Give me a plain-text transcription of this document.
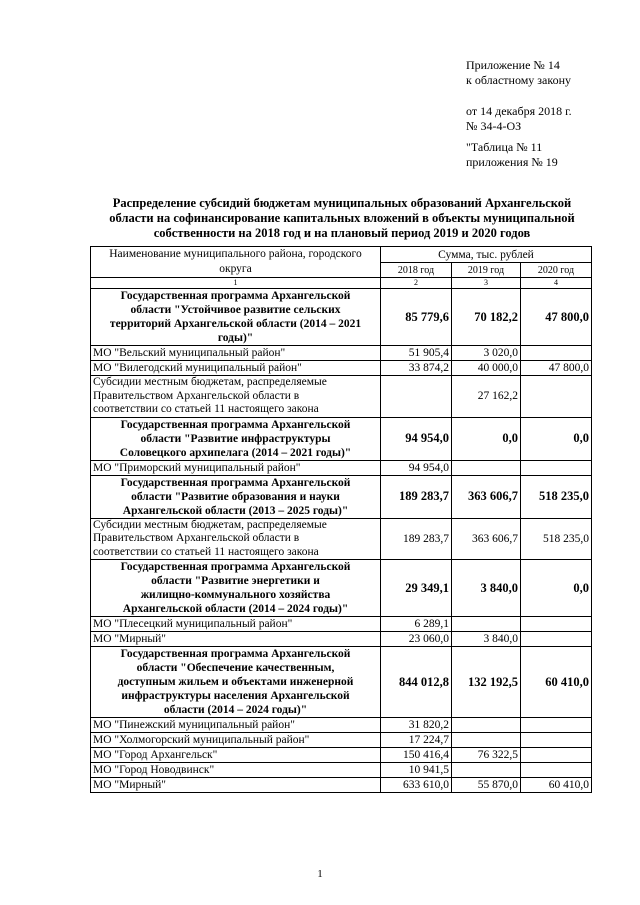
Приложение № 14
к областному закону
от 14 декабря 2018 г.
№ 34-4-ОЗ
"Таблица № 11
приложения № 19
Распределение субсидий бюджетам муниципальных образований Архангельской
области на софинансирование капитальных вложений в объекты муниципальной
собственности на 2018 год и на плановый период 2019 и 2020 годов
Наименование муниципального района, городского
округа	Сумма, тыс. рублей		
	2018 год	2019 год	2020 год
1	2	3	4

Государственная программа Архангельской
области "Устойчивое развитие сельских
территорий Архангельской области (2014 – 2021
годы)"	85 779,6	70 182,2	47 800,0
МО "Вельский муниципальный район"	51 905,4	3 020,0	
МО "Вилегодский муниципальный район"	33 874,2	40 000,0	47 800,0

Субсидии местным бюджетам, распределяемые
Правительством Архангельской области в
соответствии со статьей 11 настоящего закона		27 162,2	

Государственная программа Архангельской
области "Развитие инфраструктуры
Соловецкого архипелага (2014 – 2021 годы)"	94 954,0	0,0	0,0
МО "Приморский муниципальный район"	94 954,0		

Государственная программа Архангельской
области "Развитие образования и науки
Архангельской области (2013 – 2025 годы)"	189 283,7	363 606,7	518 235,0

Субсидии местным бюджетам, распределяемые
Правительством Архангельской области в
соответствии со статьей 11 настоящего закона	189 283,7	363 606,7	518 235,0

Государственная программа Архангельской
области "Развитие энергетики и
жилищно-коммунального хозяйства
Архангельской области (2014 – 2024 годы)"	29 349,1	3 840,0	0,0
МО "Плесецкий муниципальный район"	6 289,1		
МО "Мирный"	23 060,0	3 840,0	

Государственная программа Архангельской
области "Обеспечение качественным,
доступным жильем и объектами инженерной
инфраструктуры населения Архангельской
области (2014 – 2024 годы)"	844 012,8	132 192,5	60 410,0
МО "Пинежский муниципальный район"	31 820,2		
МО "Холмогорский муниципальный район"	17 224,7		
МО "Город Архангельск"	150 416,4	76 322,5	
МО "Город Новодвинск"	10 941,5		
МО "Мирный"	633 610,0	55 870,0	60 410,0
1
